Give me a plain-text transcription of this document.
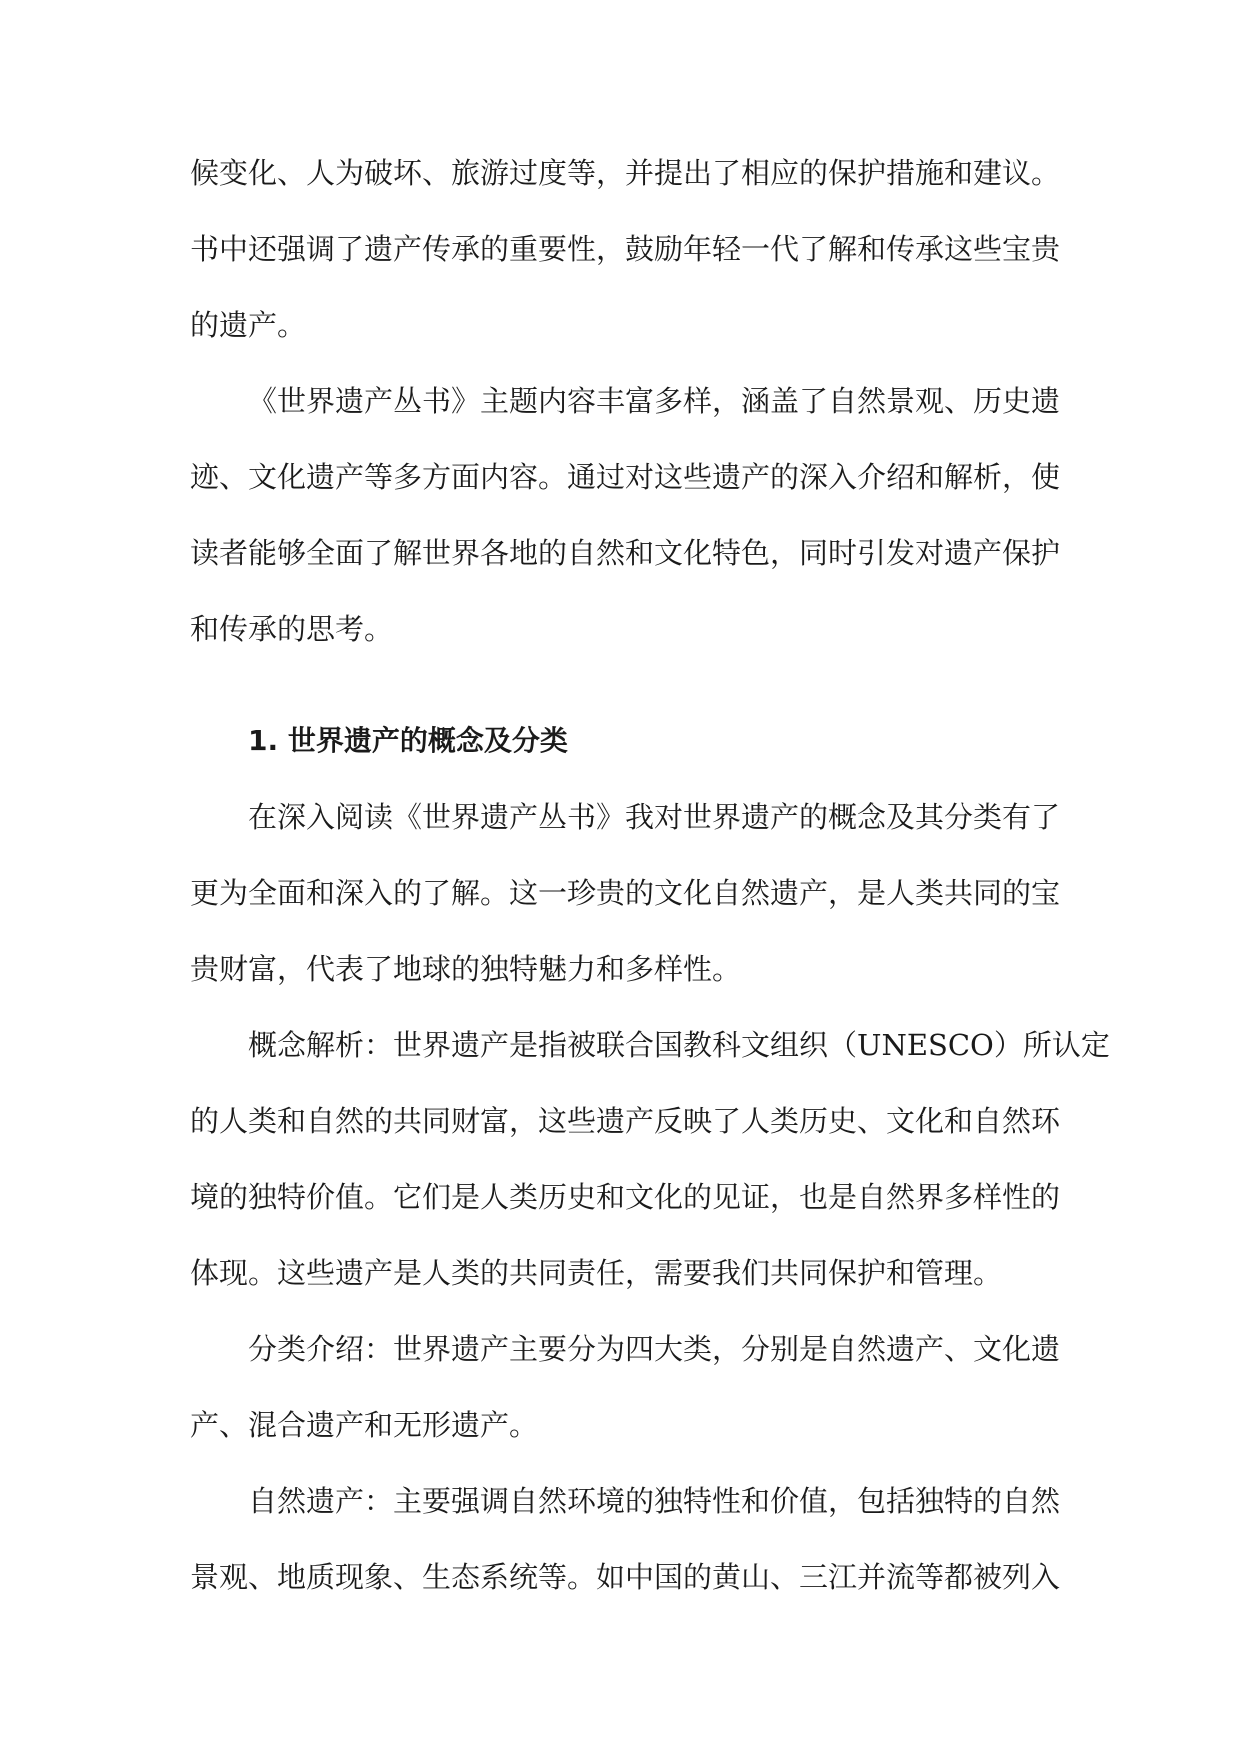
候变化、人为破坏、旅游过度等，并提出了相应的保护措施和建议。
书中还强调了遗产传承的重要性，鼓励年轻一代了解和传承这些宝贵
的遗产。
《世界遗产丛书》主题内容丰富多样，涵盖了自然景观、历史遗
迹、文化遗产等多方面内容。通过对这些遗产的深入介绍和解析，使
读者能够全面了解世界各地的自然和文化特色，同时引发对遗产保护
和传承的思考。
1. 世界遗产的概念及分类
在深入阅读《世界遗产丛书》我对世界遗产的概念及其分类有了
更为全面和深入的了解。这一珍贵的文化自然遗产，是人类共同的宝
贵财富，代表了地球的独特魅力和多样性。
概念解析：世界遗产是指被联合国教科文组织（UNESCO）所认定
的人类和自然的共同财富，这些遗产反映了人类历史、文化和自然环
境的独特价值。它们是人类历史和文化的见证，也是自然界多样性的
体现。这些遗产是人类的共同责任，需要我们共同保护和管理。
分类介绍：世界遗产主要分为四大类，分别是自然遗产、文化遗
产、混合遗产和无形遗产。
自然遗产：主要强调自然环境的独特性和价值，包括独特的自然
景观、地质现象、生态系统等。如中国的黄山、三江并流等都被列入
